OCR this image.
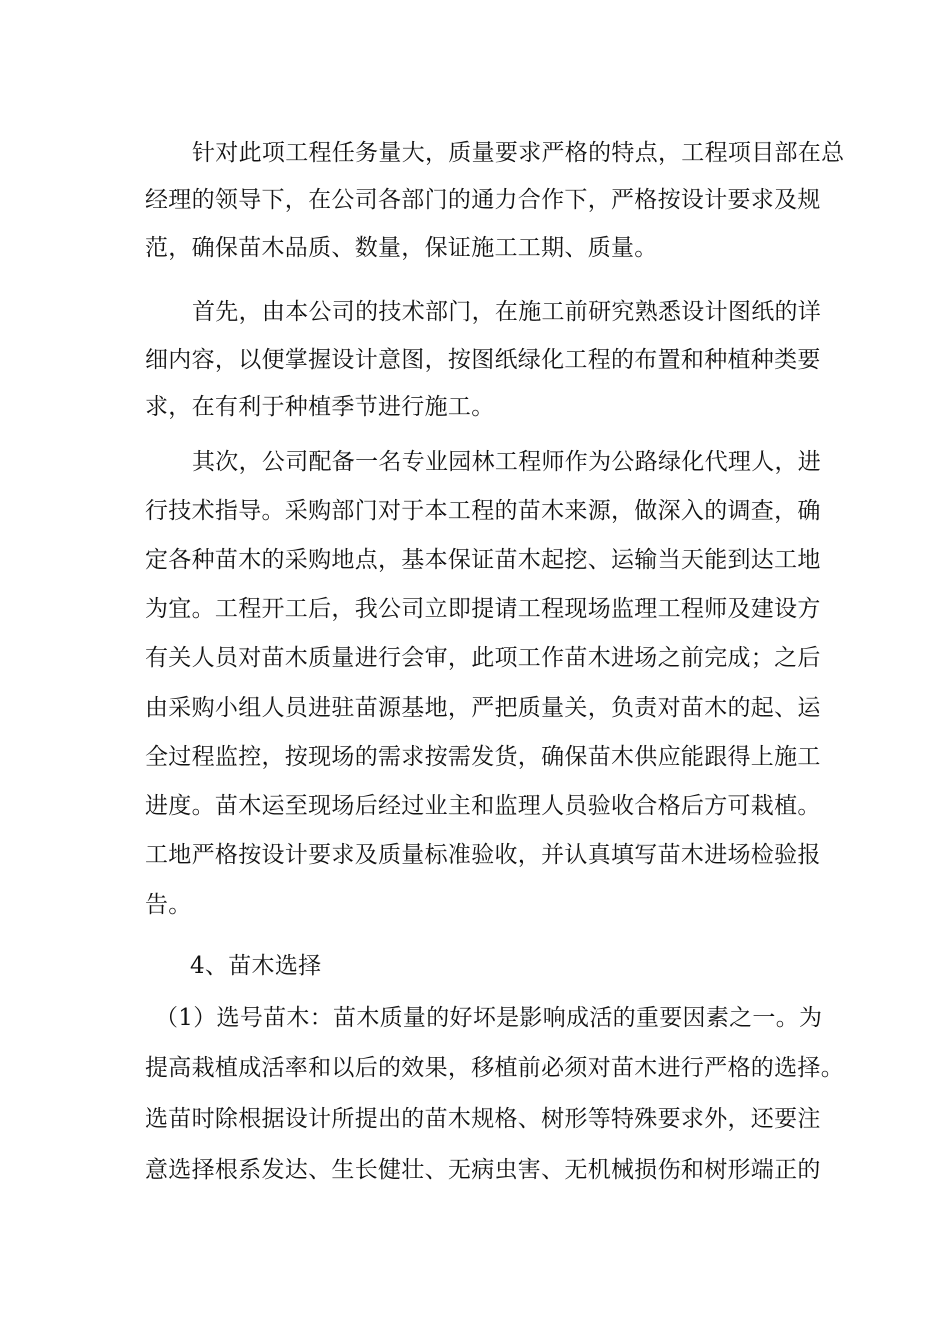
针对此项工程任务量大，质量要求严格的特点，工程项目部在总
经理的领导下，在公司各部门的通力合作下，严格按设计要求及规
范，确保苗木品质、数量，保证施工工期、质量。
首先，由本公司的技术部门，在施工前研究熟悉设计图纸的详
细内容，以便掌握设计意图，按图纸绿化工程的布置和种植种类要
求，在有利于种植季节进行施工。
其次，公司配备一名专业园林工程师作为公路绿化代理人，进
行技术指导。采购部门对于本工程的苗木来源，做深入的调查，确
定各种苗木的采购地点，基本保证苗木起挖、运输当天能到达工地
为宜。工程开工后，我公司立即提请工程现场监理工程师及建设方
有关人员对苗木质量进行会审，此项工作苗木进场之前完成；之后
由采购小组人员进驻苗源基地，严把质量关，负责对苗木的起、运
全过程监控，按现场的需求按需发货，确保苗木供应能跟得上施工
进度。苗木运至现场后经过业主和监理人员验收合格后方可栽植。
工地严格按设计要求及质量标准验收，并认真填写苗木进场检验报
告。
4、苗木选择
（1）选号苗木：苗木质量的好坏是影响成活的重要因素之一。为
提高栽植成活率和以后的效果，移植前必须对苗木进行严格的选择。
选苗时除根据设计所提出的苗木规格、树形等特殊要求外，还要注
意选择根系发达、生长健壮、无病虫害、无机械损伤和树形端正的
